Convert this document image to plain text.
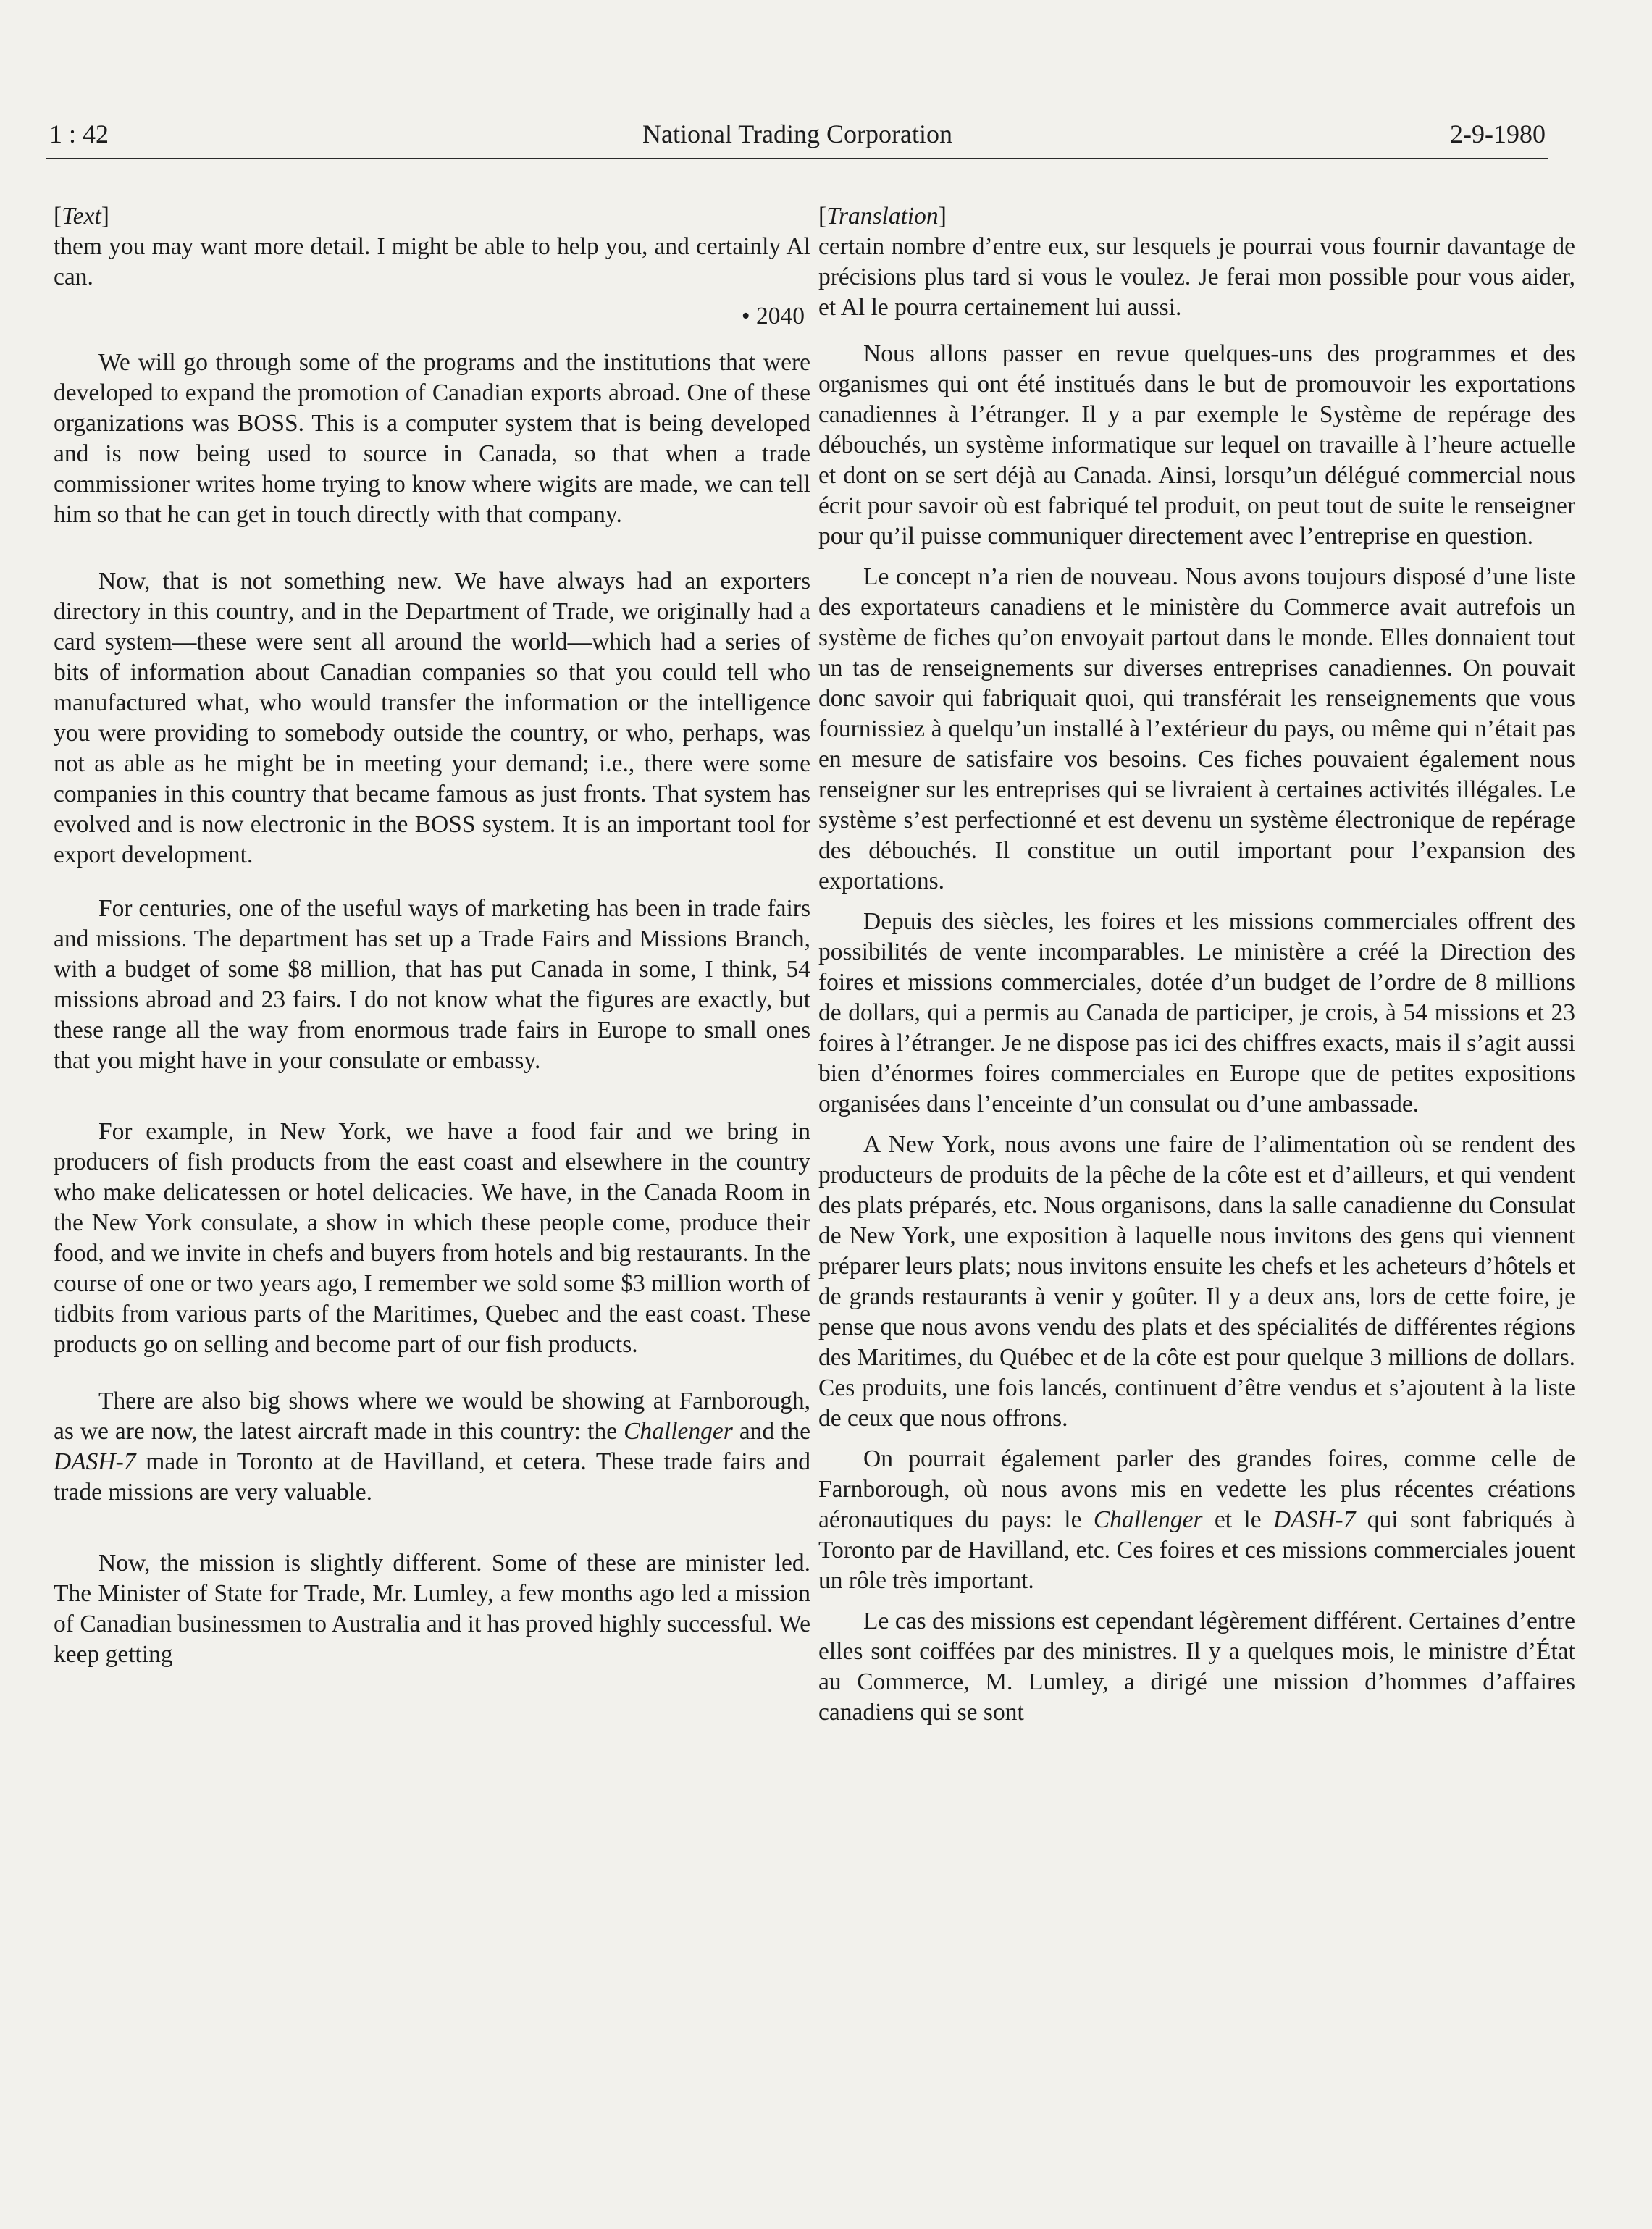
1 : 42	National Trading Corporation	2-9-1980
[Text]

them you may want more detail. I might be able to help you, and certainly Al can.

• 2040

We will go through some of the programs and the institutions that were developed to expand the promotion of Canadian exports abroad. One of these organizations was BOSS. This is a computer system that is being developed and is now being used to source in Canada, so that when a trade commissioner writes home trying to know where wigits are made, we can tell him so that he can get in touch directly with that company.

Now, that is not something new. We have always had an exporters directory in this country, and in the Department of Trade, we originally had a card system—these were sent all around the world—which had a series of bits of information about Canadian companies so that you could tell who manufactured what, who would transfer the information or the intelligence you were providing to somebody outside the country, or who, perhaps, was not as able as he might be in meeting your demand; i.e., there were some companies in this country that became famous as just fronts. That system has evolved and is now electronic in the BOSS system. It is an important tool for export development.

For centuries, one of the useful ways of marketing has been in trade fairs and missions. The department has set up a Trade Fairs and Missions Branch, with a budget of some $8 million, that has put Canada in some, I think, 54 missions abroad and 23 fairs. I do not know what the figures are exactly, but these range all the way from enormous trade fairs in Europe to small ones that you might have in your consulate or embassy.

For example, in New York, we have a food fair and we bring in producers of fish products from the east coast and elsewhere in the country who make delicatessen or hotel delicacies. We have, in the Canada Room in the New York consulate, a show in which these people come, produce their food, and we invite in chefs and buyers from hotels and big restaurants. In the course of one or two years ago, I remember we sold some $3 million worth of tidbits from various parts of the Maritimes, Quebec and the east coast. These products go on selling and become part of our fish products.

There are also big shows where we would be showing at Farnborough, as we are now, the latest aircraft made in this country: the Challenger and the DASH-7 made in Toronto at de Havilland, et cetera. These trade fairs and trade missions are very valuable.

Now, the mission is slightly different. Some of these are minister led. The Minister of State for Trade, Mr. Lumley, a few months ago led a mission of Canadian businessmen to Australia and it has proved highly successful. We keep getting

[Translation]

certain nombre d’entre eux, sur lesquels je pourrai vous fournir davantage de précisions plus tard si vous le voulez. Je ferai mon possible pour vous aider, et Al le pourra certainement lui aussi.

Nous allons passer en revue quelques-uns des programmes et des organismes qui ont été institués dans le but de promouvoir les exportations canadiennes à l’étranger. Il y a par exemple le Système de repérage des débouchés, un système informatique sur lequel on travaille à l’heure actuelle et dont on se sert déjà au Canada. Ainsi, lorsqu’un délégué commercial nous écrit pour savoir où est fabriqué tel produit, on peut tout de suite le renseigner pour qu’il puisse communiquer directement avec l’entreprise en question.

Le concept n’a rien de nouveau. Nous avons toujours disposé d’une liste des exportateurs canadiens et le ministère du Commerce avait autrefois un système de fiches qu’on envoyait partout dans le monde. Elles donnaient tout un tas de renseignements sur diverses entreprises canadiennes. On pouvait donc savoir qui fabriquait quoi, qui transférait les renseignements que vous fournissiez à quelqu’un installé à l’extérieur du pays, ou même qui n’était pas en mesure de satisfaire vos besoins. Ces fiches pouvaient également nous renseigner sur les entreprises qui se livraient à certaines activités illégales. Le système s’est perfectionné et est devenu un système électronique de repérage des débouchés. Il constitue un outil important pour l’expansion des exportations.

Depuis des siècles, les foires et les missions commerciales offrent des possibilités de vente incomparables. Le ministère a créé la Direction des foires et missions commerciales, dotée d’un budget de l’ordre de 8 millions de dollars, qui a permis au Canada de participer, je crois, à 54 missions et 23 foires à l’étranger. Je ne dispose pas ici des chiffres exacts, mais il s’agit aussi bien d’énormes foires commerciales en Europe que de petites expositions organisées dans l’enceinte d’un consulat ou d’une ambassade.

A New York, nous avons une faire de l’alimentation où se rendent des producteurs de produits de la pêche de la côte est et d’ailleurs, et qui vendent des plats préparés, etc. Nous organisons, dans la salle canadienne du Consulat de New York, une exposition à laquelle nous invitons des gens qui viennent préparer leurs plats; nous invitons ensuite les chefs et les acheteurs d’hôtels et de grands restaurants à venir y goûter. Il y a deux ans, lors de cette foire, je pense que nous avons vendu des plats et des spécialités de différentes régions des Maritimes, du Québec et de la côte est pour quelque 3 millions de dollars. Ces produits, une fois lancés, continuent d’être vendus et s’ajoutent à la liste de ceux que nous offrons.

On pourrait également parler des grandes foires, comme celle de Farnborough, où nous avons mis en vedette les plus récentes créations aéronautiques du pays: le Challenger et le DASH-7 qui sont fabriqués à Toronto par de Havilland, etc. Ces foires et ces missions commerciales jouent un rôle très important.

Le cas des missions est cependant légèrement différent. Certaines d’entre elles sont coiffées par des ministres. Il y a quelques mois, le ministre d’État au Commerce, M. Lumley, a dirigé une mission d’hommes d’affaires canadiens qui se sont
